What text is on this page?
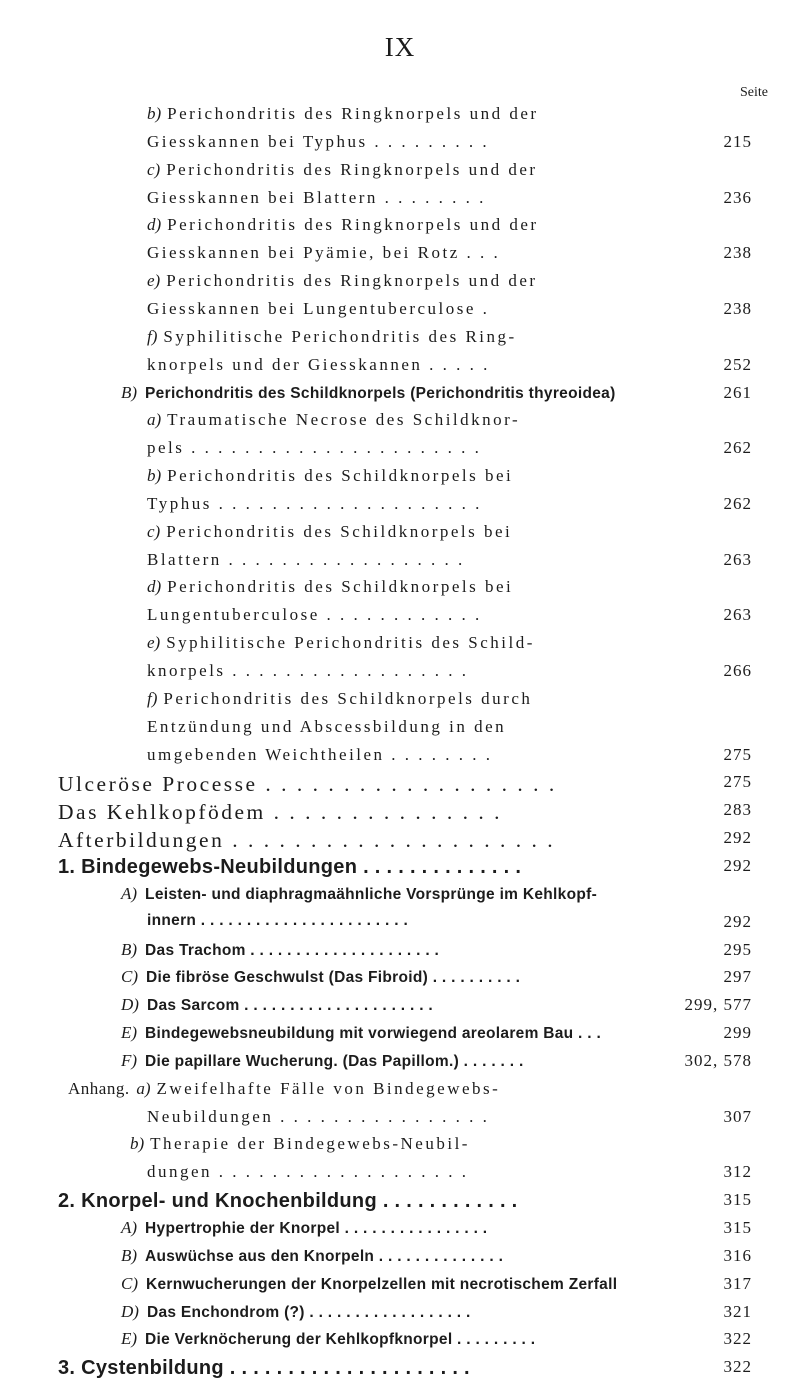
IX
Seite
b) Perichondritis des Ringknorpels und der
Giesskannen bei Typhus . . . . . . . . .	215
c) Perichondritis des Ringknorpels und der
Giesskannen bei Blattern . . . . . . . .	236
d) Perichondritis des Ringknorpels und der
Giesskannen bei Pyämie, bei Rotz . . .	238
e) Perichondritis des Ringknorpels und der
Giesskannen bei Lungentuberculose .	238
f) Syphilitische Perichondritis des Ring-
knorpels und der Giesskannen . . . . .	252
B) Perichondritis des Schildknorpels (Perichondritis thyreoidea)	261
a) Traumatische Necrose des Schildknor-
pels . . . . . . . . . . . . . . . . . . . . . .	262
b) Perichondritis des Schildknorpels bei
Typhus . . . . . . . . . . . . . . . . . . . .	262
c) Perichondritis des Schildknorpels bei
Blattern . . . . . . . . . . . . . . . . . .	263
d) Perichondritis des Schildknorpels bei
Lungentuberculose . . . . . . . . . . . .	263
e) Syphilitische Perichondritis des Schild-
knorpels . . . . . . . . . . . . . . . . . .	266
f) Perichondritis des Schildknorpels durch
Entzündung und Abscessbildung in den
umgebenden Weichtheilen . . . . . . . .	275
Ulceröse Processe . . . . . . . . . . . . . . . . . . .	275
Das Kehlkopfödem . . . . . . . . . . . . . . .	283
Afterbildungen . . . . . . . . . . . . . . . . . . . . .	292
1. Bindegewebs-Neubildungen . . . . . . . . . . . . . .	292
A) Leisten- und diaphragmaähnliche Vorsprünge im Kehlkopf-
innern . . . . . . . . . . . . . . . . . . . . . . .	292
B) Das Trachom . . . . . . . . . . . . . . . . . . . . .	295
C) Die fibröse Geschwulst (Das Fibroid) . . . . . . . . . .	297
D) Das Sarcom . . . . . . . . . . . . . . . . . . . . .	299, 577
E) Bindegewebsneubildung mit vorwiegend areolarem Bau . . .	299
F) Die papillare Wucherung. (Das Papillom.) . . . . . . .	302, 578
Anhang. a) Zweifelhafte Fälle von Bindegewebs-
Neubildungen . . . . . . . . . . . . . . . .	307
b) Therapie der Bindegewebs-Neubil-
dungen . . . . . . . . . . . . . . . . . . .	312
2. Knorpel- und Knochenbildung . . . . . . . . . . . .	315
A) Hypertrophie der Knorpel . . . . . . . . . . . . . . . .	315
B) Auswüchse aus den Knorpeln . . . . . . . . . . . . . .	316
C) Kernwucherungen der Knorpelzellen mit necrotischem Zerfall	317
D) Das Enchondrom (?) . . . . . . . . . . . . . . . . . .	321
E) Die Verknöcherung der Kehlkopfknorpel . . . . . . . . .	322
3. Cystenbildung . . . . . . . . . . . . . . . . . . . . .	322
